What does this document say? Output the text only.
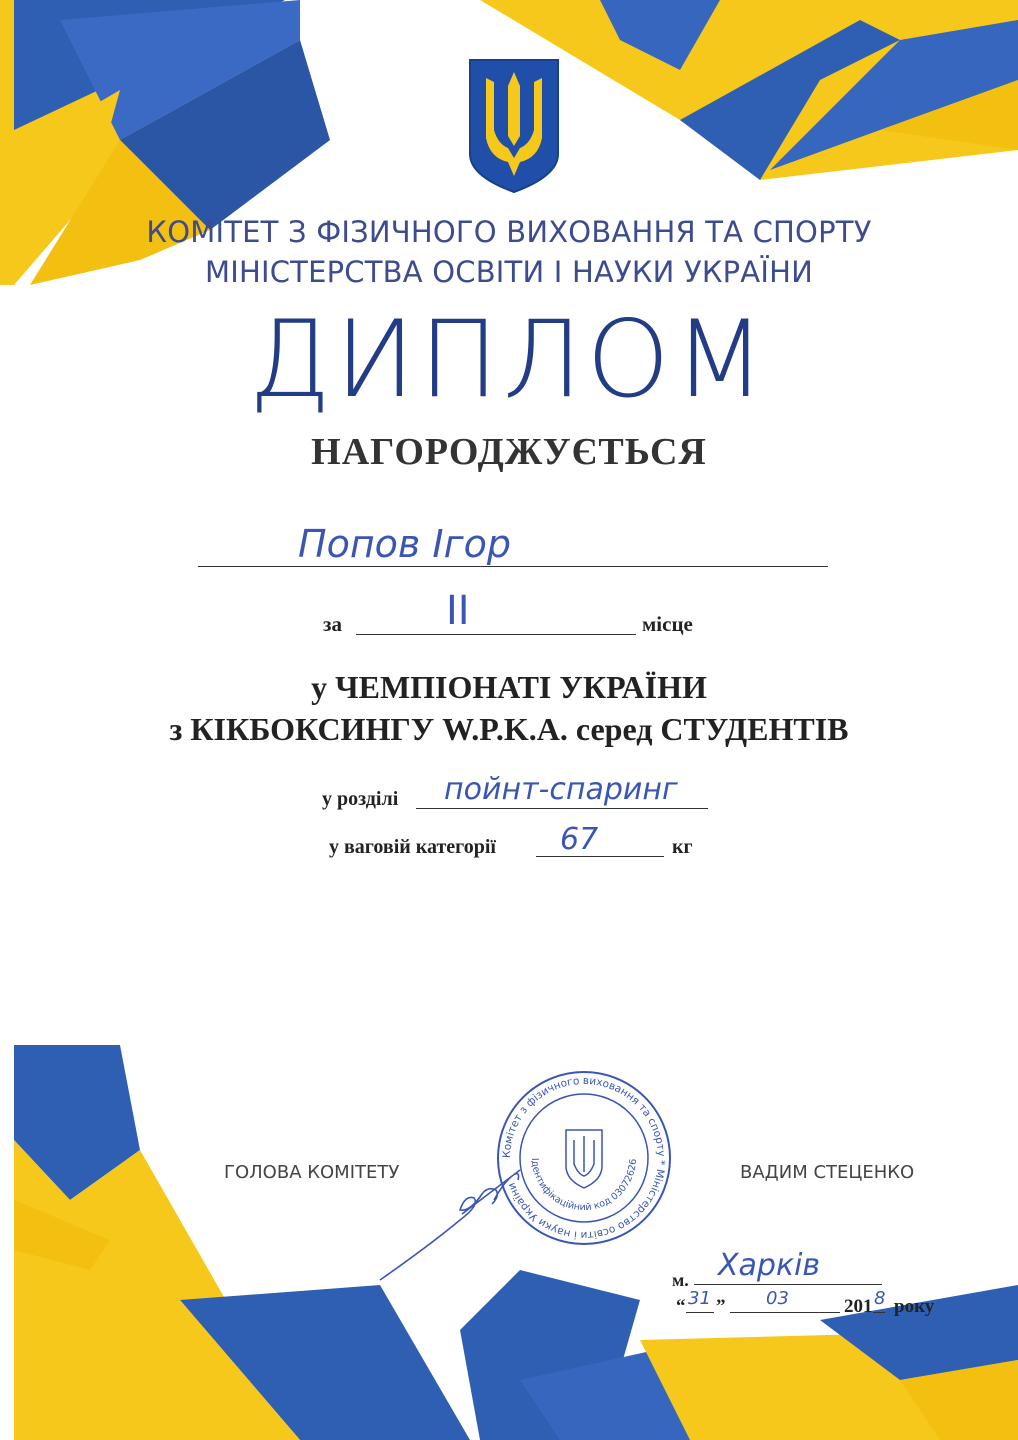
КОМІТЕТ З ФІЗИЧНОГО ВИХОВАННЯ ТА СПОРТУ
МІНІСТЕРСТВА ОСВІТИ І НАУКИ УКРАЇНИ
ДИПЛОМ
НАГОРОДЖУЄТЬСЯ
Попов Ігор
за	ІІ	місце
у ЧЕМПІОНАТІ УКРАЇНИ
з КІКБОКСИНГУ W.P.K.A. серед СТУДЕНТІВ
у розділі пойнт-спаринг
у ваговій категорії 67	кг
ГОЛОВА КОМІТЕТУ	ВАДИМ СТЕЦЕНКО
Комітет з фізичного виховання та спорту * Міністерство освіти і науки України
Ідентифікаційний код 03072626
м. Харків
“ 31 ” 03	201 8 року
